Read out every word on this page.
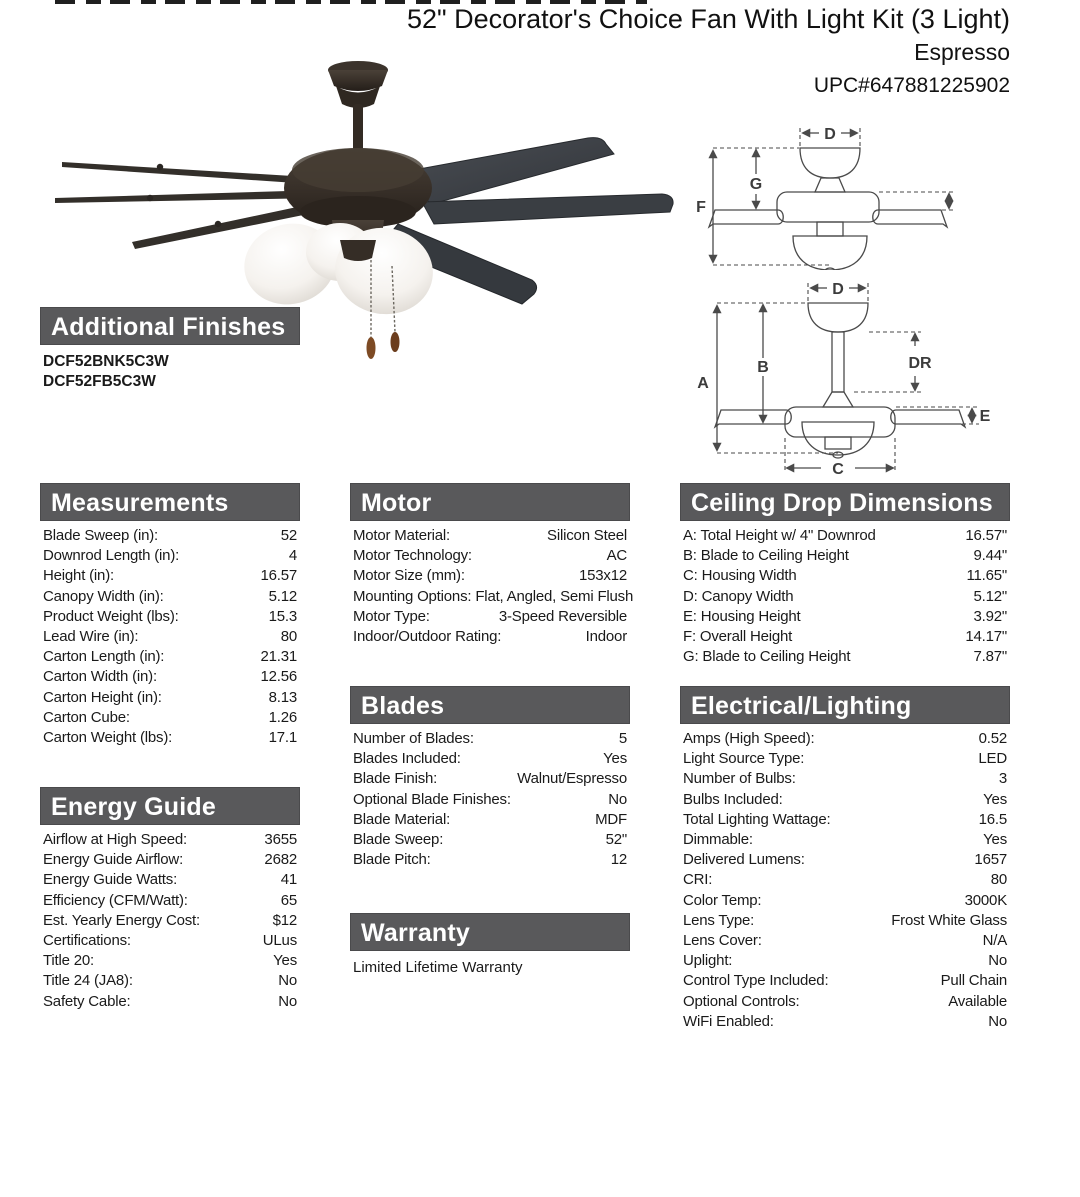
52" Decorator's Choice Fan With Light Kit (3 Light)
Espresso
UPC#647881225902
D
G
F
D
A
B	DR
E
C
Additional Finishes
DCF52BNK5C3W
DCF52FB5C3W
Measurements
Blade Sweep (in):	52
Downrod Length (in):	4
Height (in):	16.57
Canopy Width (in):	5.12
Product Weight (lbs):	15.3
Lead Wire (in):	80
Carton Length (in):	21.31
Carton Width (in):	12.56
Carton Height (in):	8.13
Carton Cube:	1.26
Carton Weight (lbs):	17.1
Energy Guide
Airflow at High Speed:	3655
Energy Guide Airflow:	2682
Energy Guide Watts:	41
Efficiency (CFM/Watt):	65
Est. Yearly Energy Cost:	$12
Certifications:	ULus
Title 20:	Yes
Title 24 (JA8):	No
Safety Cable:	No
Motor
Motor Material:	Silicon Steel
Motor Technology:	AC
Motor Size (mm):	153x12
Mounting Options: Flat, Angled, Semi Flush
Motor Type:	3-Speed Reversible
Indoor/Outdoor Rating:	Indoor
Blades
Number of Blades:	5
Blades Included:	Yes
Blade Finish:	Walnut/Espresso
Optional Blade Finishes:	No
Blade Material:	MDF
Blade Sweep:	52"
Blade Pitch:	12
Warranty
Limited Lifetime Warranty
Ceiling Drop Dimensions
A: Total Height w/ 4" Downrod	16.57"
B: Blade to Ceiling Height	9.44"
C: Housing Width	11.65"
D: Canopy Width	5.12"
E: Housing Height	3.92"
F: Overall Height	14.17"
G: Blade to Ceiling Height	7.87"
Electrical/Lighting
Amps (High Speed):	0.52
Light Source Type:	LED
Number of Bulbs:	3
Bulbs Included:	Yes
Total Lighting Wattage:	16.5
Dimmable:	Yes
Delivered Lumens:	1657
CRI:	80
Color Temp:	3000K
Lens Type:	Frost White Glass
Lens Cover:	N/A
Uplight:	No
Control Type Included:	Pull Chain
Optional Controls:	Available
WiFi Enabled:	No
